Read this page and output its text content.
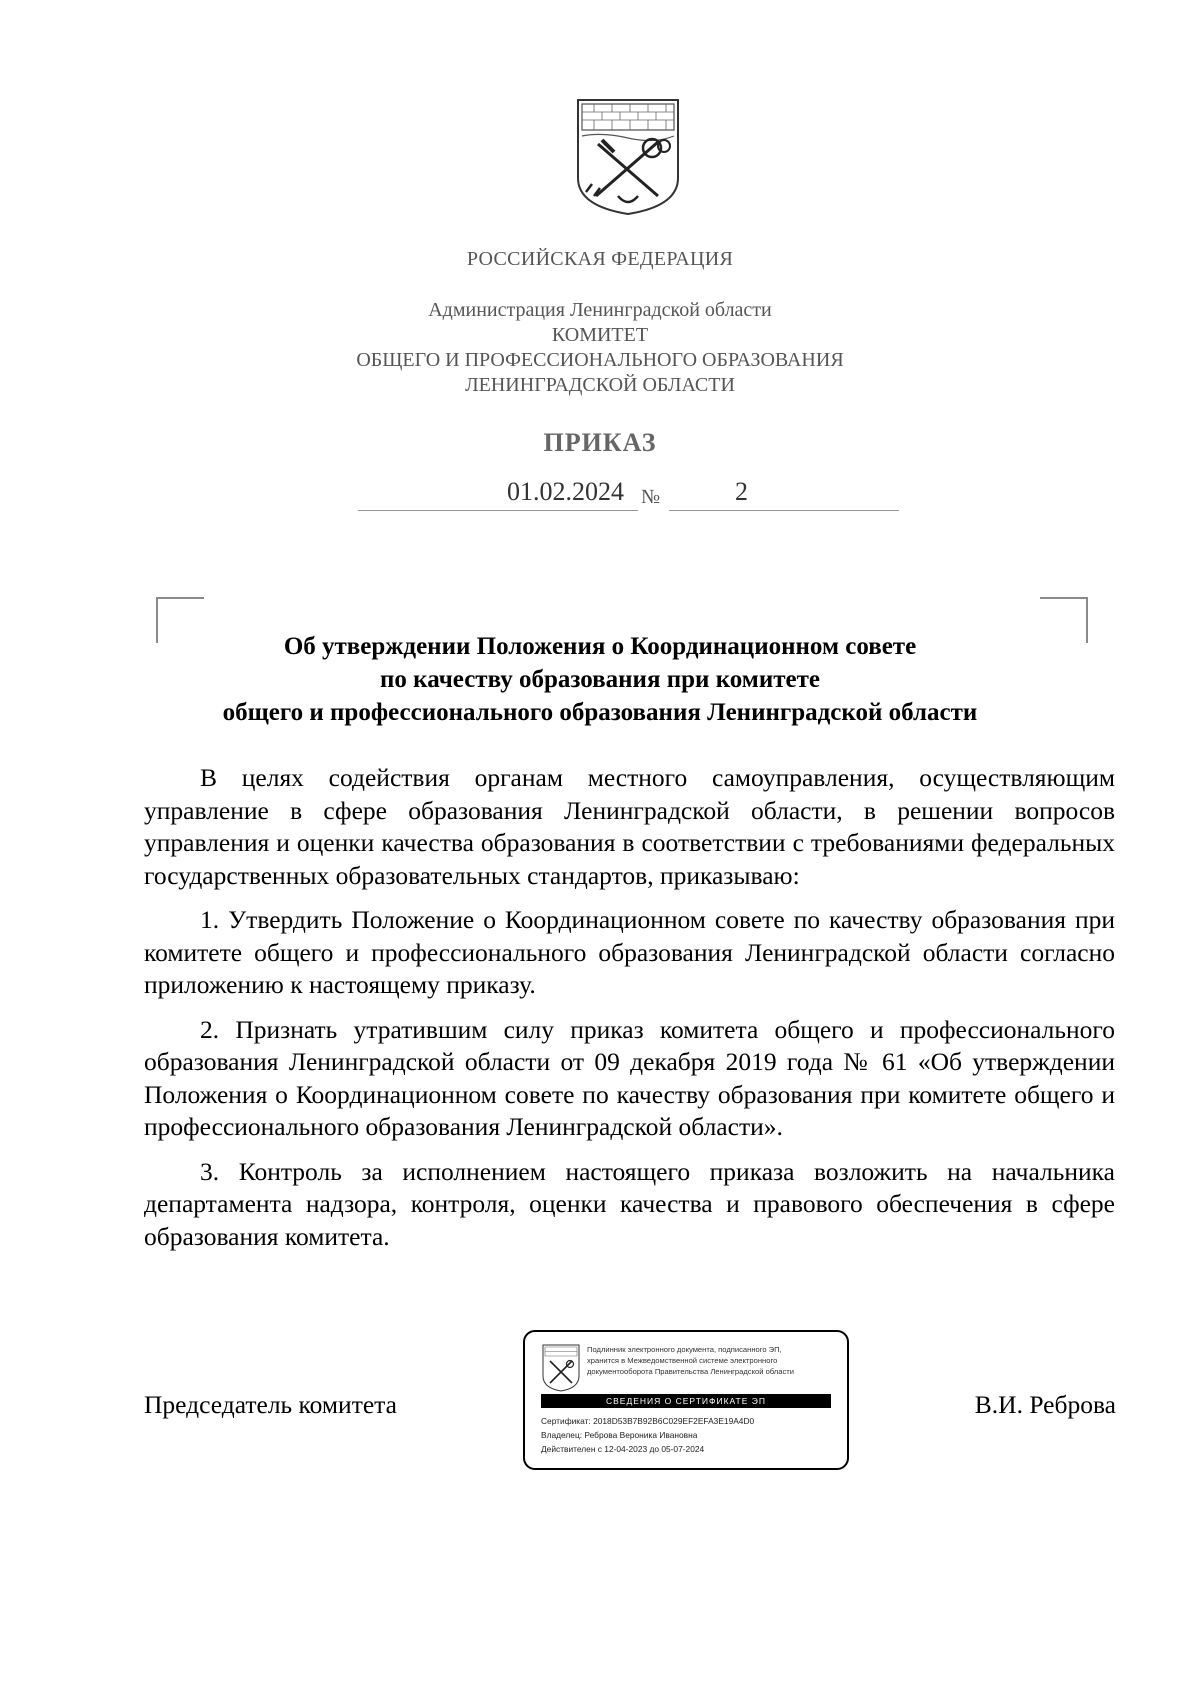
РОССИЙСКАЯ ФЕДЕРАЦИЯ
Администрация Ленинградской области
КОМИТЕТ
ОБЩЕГО И ПРОФЕССИОНАЛЬНОГО ОБРАЗОВАНИЯ
ЛЕНИНГРАДСКОЙ ОБЛАСТИ
ПРИКАЗ
01.02.2024 №	2
Об утверждении Положения о Координационном совете
по качеству образования при комитете
общего и профессионального образования Ленинградской области

В целях содействия органам местного самоуправления, осуществляющим управление в сфере образования Ленинградской области, в решении вопросов управления и оценки качества образования в соответствии с требованиями федеральных государственных образовательных стандартов, приказываю:

1. Утвердить Положение о Координационном совете по качеству образования при комитете общего и профессионального образования Ленинградской области согласно приложению к настоящему приказу.

2. Признать утратившим силу приказ комитета общего и профессионального образования Ленинградской области от 09 декабря 2019 года № 61 «Об утверждении Положения о Координационном совете по качеству образования при комитете общего и профессионального образования Ленинградской области».

3. Контроль за исполнением настоящего приказа возложить на начальника департамента надзора, контроля, оценки качества и правового обеспечения в сфере образования комитета.

Председатель комитета
Подлинник электронного документа, подписанного ЭП,
хранится в Межведомственной системе электронного
документооборота Правительства Ленинградской области
СВЕДЕНИЯ О СЕРТИФИКАТЕ ЭП
Сертификат: 2018D53B7B92B6C029EF2EFA3E19A4D0
Владелец: Реброва Вероника Ивановна
Действителен с 12-04-2023 до 05-07-2024
В.И. Реброва
